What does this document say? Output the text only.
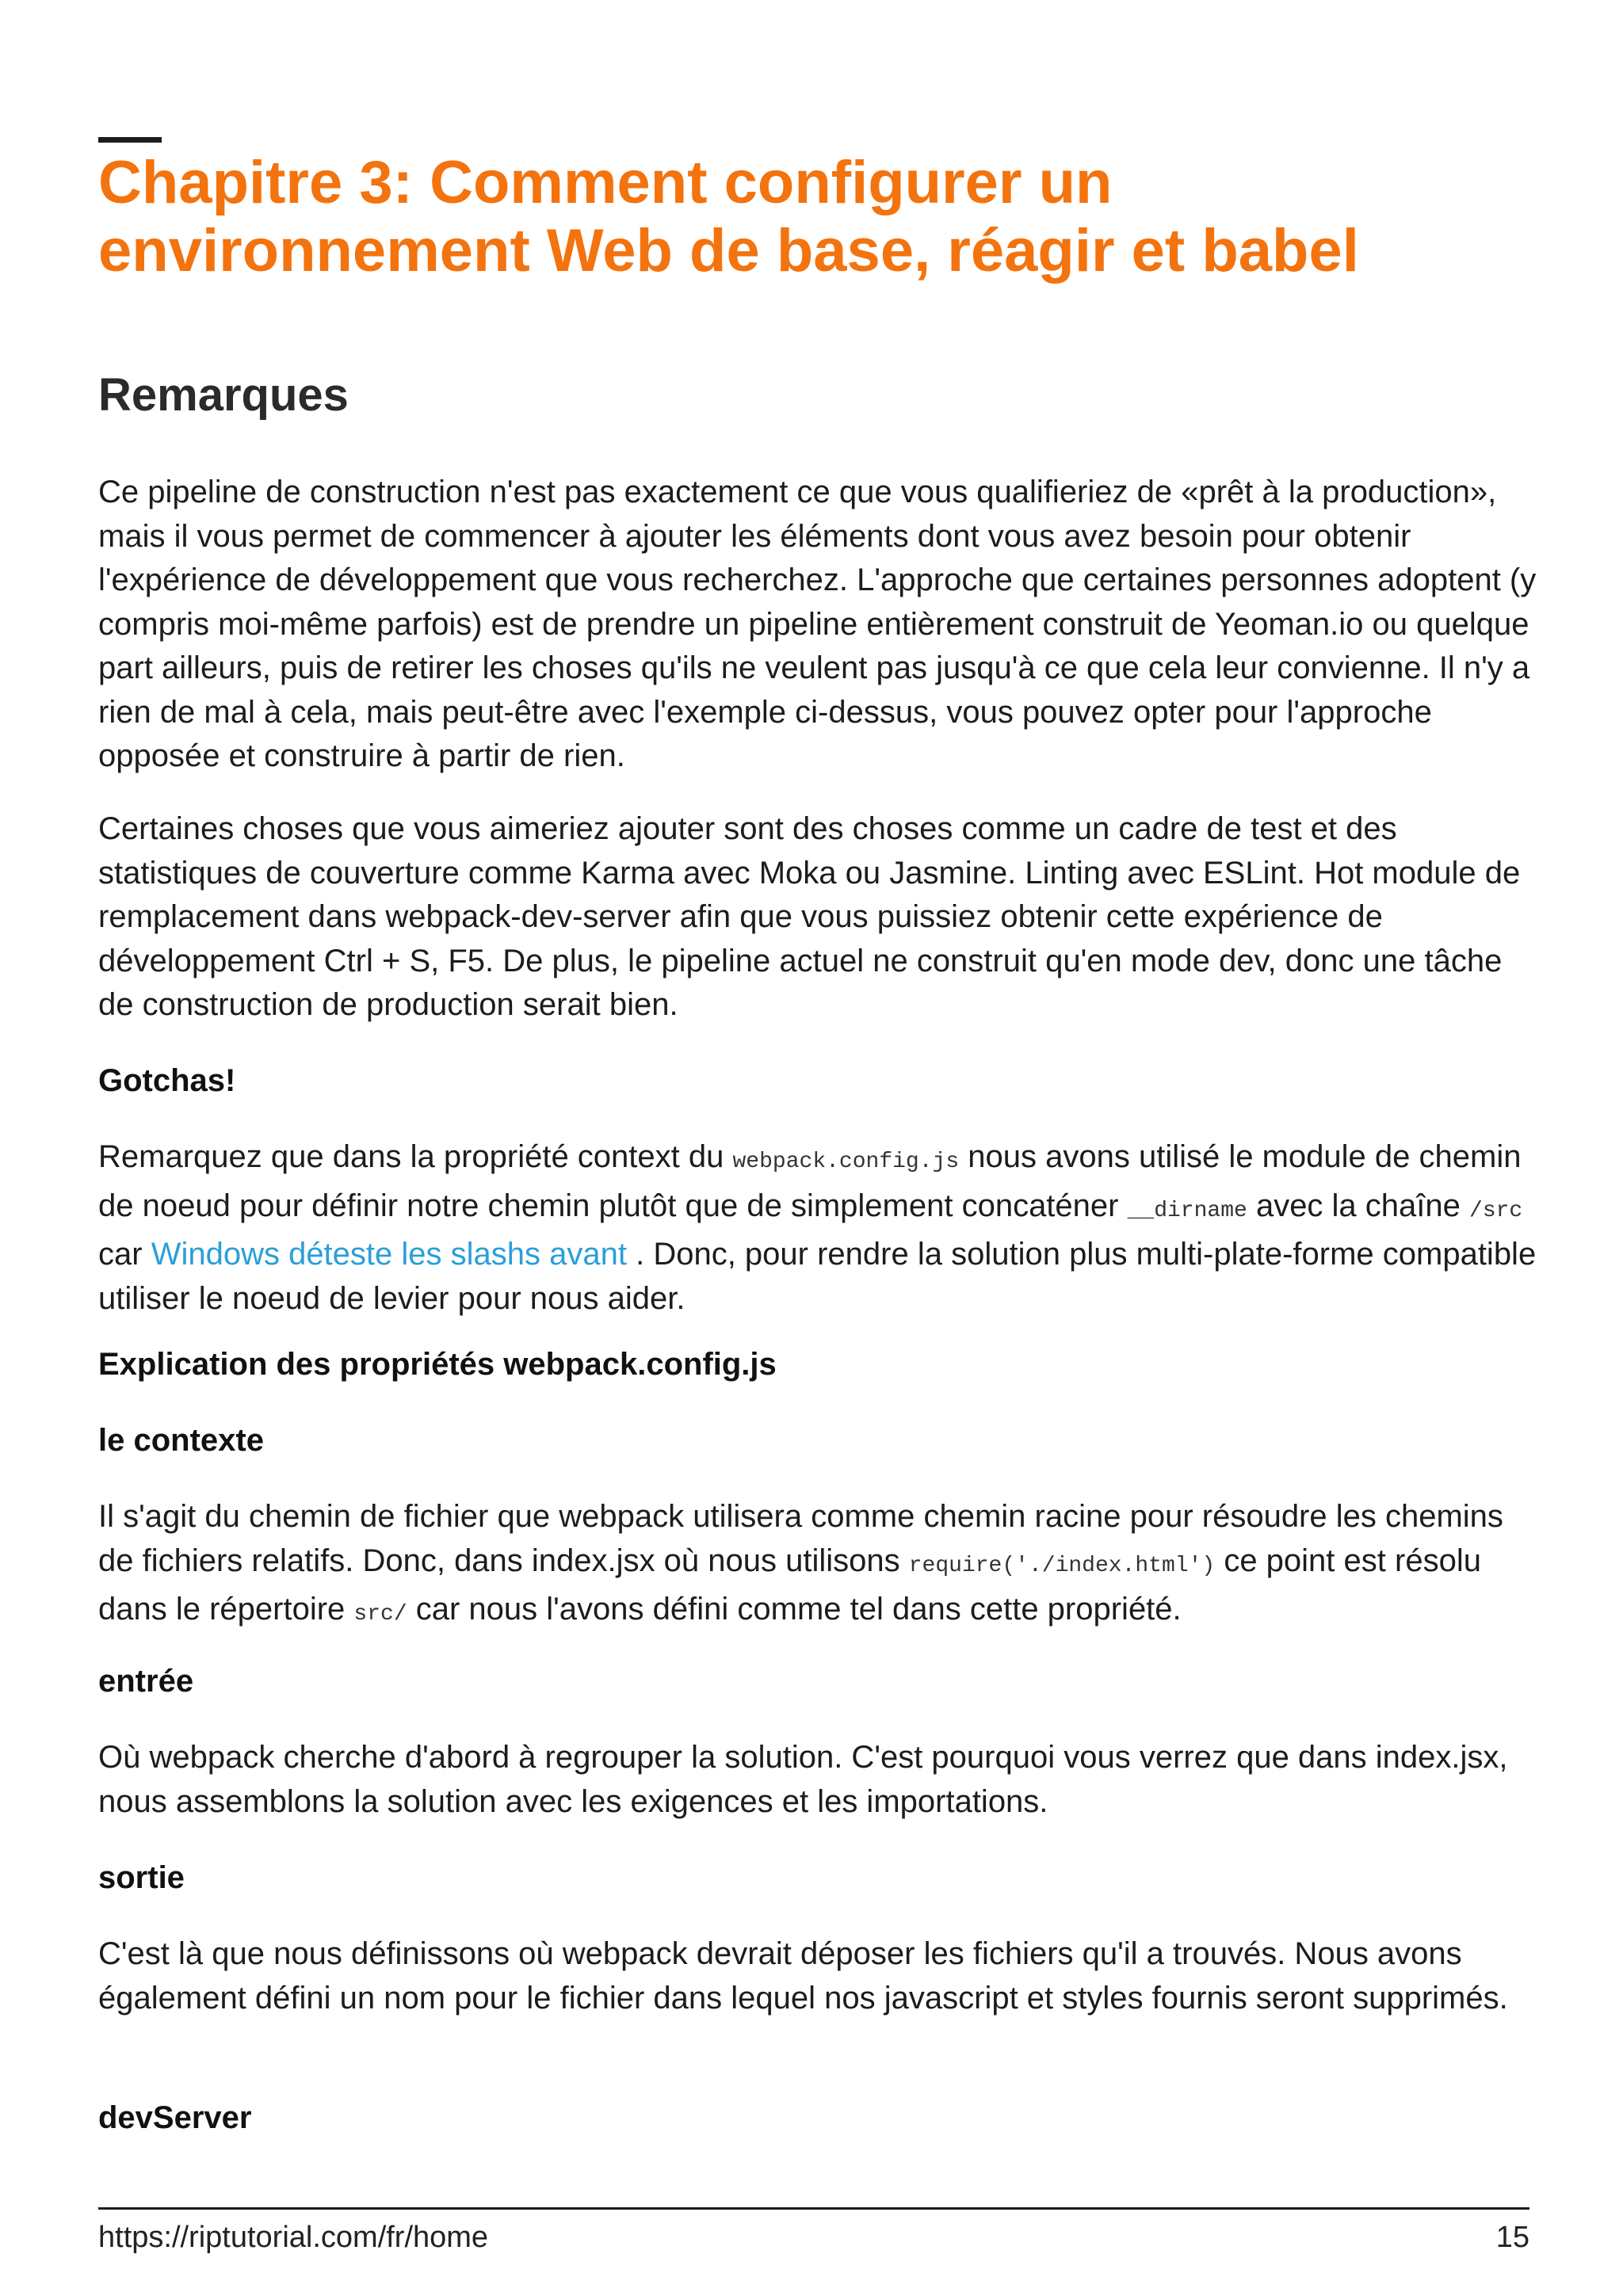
Chapitre 3: Comment configurer un environnement Web de base, réagir et babel
Remarques

Ce pipeline de construction n'est pas exactement ce que vous qualifieriez de «prêt à la production», mais il vous permet de commencer à ajouter les éléments dont vous avez besoin pour obtenir l'expérience de développement que vous recherchez. L'approche que certaines personnes adoptent (y compris moi-même parfois) est de prendre un pipeline entièrement construit de Yeoman.io ou quelque part ailleurs, puis de retirer les choses qu'ils ne veulent pas jusqu'à ce que cela leur convienne. Il n'y a rien de mal à cela, mais peut-être avec l'exemple ci-dessus, vous pouvez opter pour l'approche opposée et construire à partir de rien.

Certaines choses que vous aimeriez ajouter sont des choses comme un cadre de test et des statistiques de couverture comme Karma avec Moka ou Jasmine. Linting avec ESLint. Hot module de remplacement dans webpack-dev-server afin que vous puissiez obtenir cette expérience de développement Ctrl + S, F5. De plus, le pipeline actuel ne construit qu'en mode dev, donc une tâche de construction de production serait bien.

Gotchas!

Remarquez que dans la propriété context du webpack.config.js nous avons utilisé le module de chemin de noeud pour définir notre chemin plutôt que de simplement concaténer __dirname avec la chaîne /src car Windows déteste les slashs avant . Donc, pour rendre la solution plus multi-plate-forme compatible utiliser le noeud de levier pour nous aider.

Explication des propriétés webpack.config.js

le contexte

Il s'agit du chemin de fichier que webpack utilisera comme chemin racine pour résoudre les chemins de fichiers relatifs. Donc, dans index.jsx où nous utilisons require('./index.html') ce point est résolu dans le répertoire src/ car nous l'avons défini comme tel dans cette propriété.

entrée

Où webpack cherche d'abord à regrouper la solution. C'est pourquoi vous verrez que dans index.jsx, nous assemblons la solution avec les exigences et les importations.

sortie

C'est là que nous définissons où webpack devrait déposer les fichiers qu'il a trouvés. Nous avons également défini un nom pour le fichier dans lequel nos javascript et styles fournis seront supprimés.

devServer

https://riptutorial.com/fr/home	15
